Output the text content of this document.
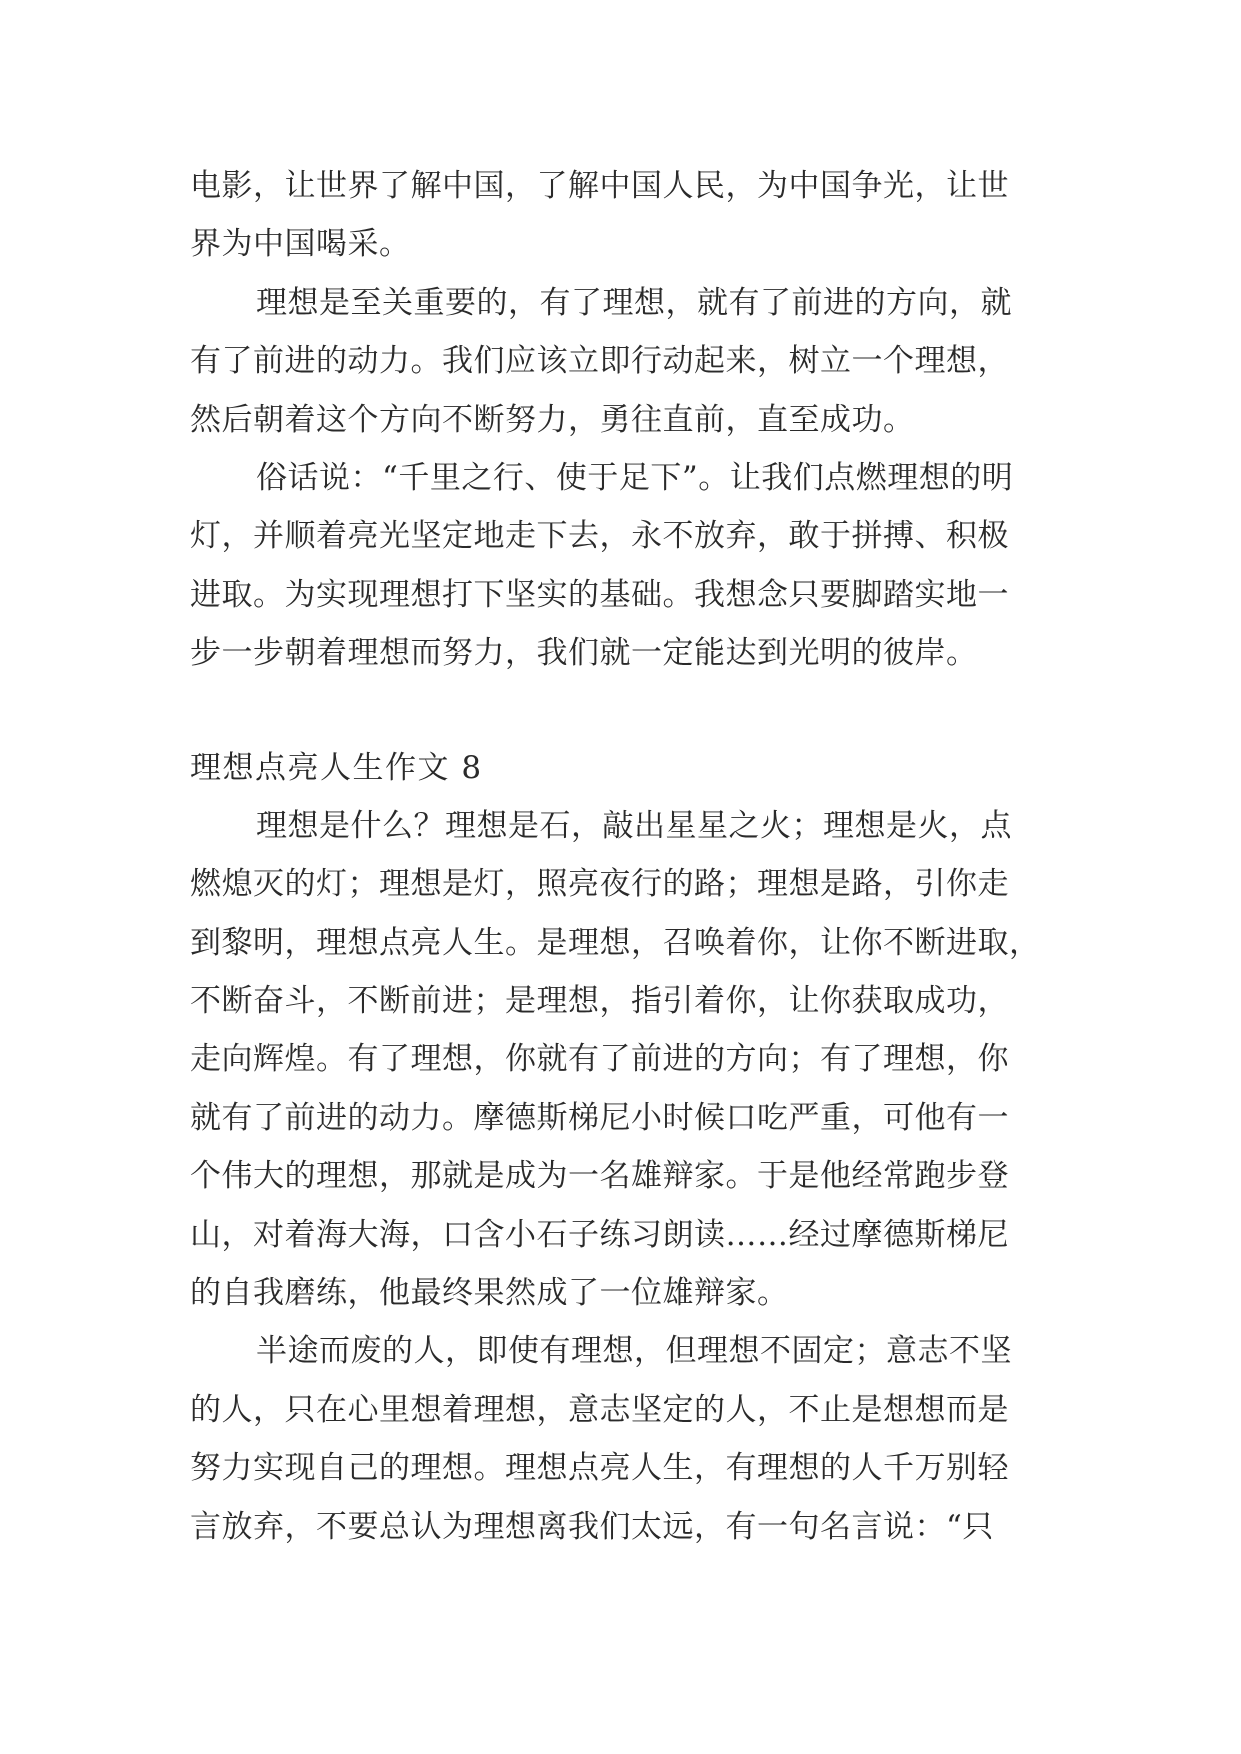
电影，让世界了解中国，了解中国人民，为中国争光，让世
界为中国喝采。
理想是至关重要的，有了理想，就有了前进的方向，就
有了前进的动力。我们应该立即行动起来，树立一个理想，
然后朝着这个方向不断努力，勇往直前，直至成功。
俗话说：“千里之行、使于足下”。让我们点燃理想的明
灯，并顺着亮光坚定地走下去，永不放弃，敢于拼搏、积极
进取。为实现理想打下坚实的基础。我想念只要脚踏实地一
步一步朝着理想而努力，我们就一定能达到光明的彼岸。
理想点亮人生作文 8
理想是什么？理想是石，敲出星星之火；理想是火，点
燃熄灭的灯；理想是灯，照亮夜行的路；理想是路，引你走
到黎明，理想点亮人生。是理想，召唤着你，让你不断进取，
不断奋斗，不断前进；是理想，指引着你，让你获取成功，
走向辉煌。有了理想，你就有了前进的方向；有了理想，你
就有了前进的动力。摩德斯梯尼小时候口吃严重，可他有一
个伟大的理想，那就是成为一名雄辩家。于是他经常跑步登
山，对着海大海，口含小石子练习朗读……经过摩德斯梯尼
的自我磨练，他最终果然成了一位雄辩家。
半途而废的人，即使有理想，但理想不固定；意志不坚
的人，只在心里想着理想，意志坚定的人，不止是想想而是
努力实现自己的理想。理想点亮人生，有理想的人千万别轻
言放弃，不要总认为理想离我们太远，有一句名言说：“只
